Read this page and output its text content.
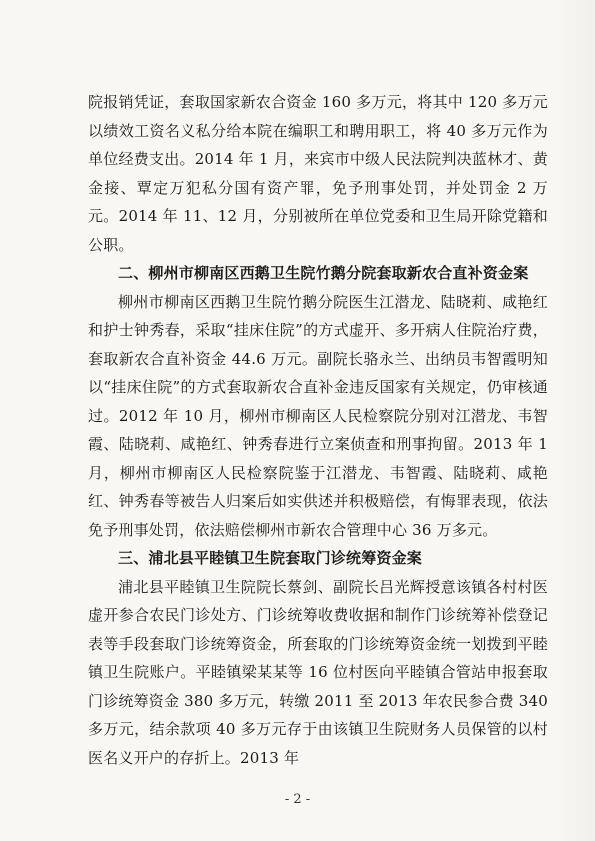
院报销凭证，套取国家新农合资金 160 多万元，将其中 120 多万元以绩效工资名义私分给本院在编职工和聘用职工，将 40 多万元作为单位经费支出。2014 年 1 月，来宾市中级人民法院判决蓝林才、黄金接、覃定万犯私分国有资产罪，免予刑事处罚，并处罚金 2 万元。2014 年 11、12 月，分别被所在单位党委和卫生局开除党籍和公职。

二、柳州市柳南区西鹅卫生院竹鹅分院套取新农合直补资金案

柳州市柳南区西鹅卫生院竹鹅分院医生江潜龙、陆晓莉、咸艳红和护士钟秀春，采取“挂床住院”的方式虚开、多开病人住院治疗费，套取新农合直补资金 44.6 万元。副院长骆永兰、出纳员韦智霞明知以“挂床住院”的方式套取新农合直补金违反国家有关规定，仍审核通过。2012 年 10 月，柳州市柳南区人民检察院分别对江潜龙、韦智霞、陆晓莉、咸艳红、钟秀春进行立案侦查和刑事拘留。2013 年 1 月，柳州市柳南区人民检察院鉴于江潜龙、韦智霞、陆晓莉、咸艳红、钟秀春等被告人归案后如实供述并积极赔偿，有悔罪表现，依法免予刑事处罚，依法赔偿柳州市新农合管理中心 36 万多元。

三、浦北县平睦镇卫生院套取门诊统筹资金案

浦北县平睦镇卫生院院长蔡剑、副院长吕光辉授意该镇各村村医虚开参合农民门诊处方、门诊统筹收费收据和制作门诊统筹补偿登记表等手段套取门诊统筹资金，所套取的门诊统筹资金统一划拨到平睦镇卫生院账户。平睦镇梁某某等 16 位村医向平睦镇合管站申报套取门诊统筹资金 380 多万元，转缴 2011 至 2013 年农民参合费 340 多万元，结余款项 40 多万元存于由该镇卫生院财务人员保管的以村医名义开户的存折上。2013 年

- 2 -
